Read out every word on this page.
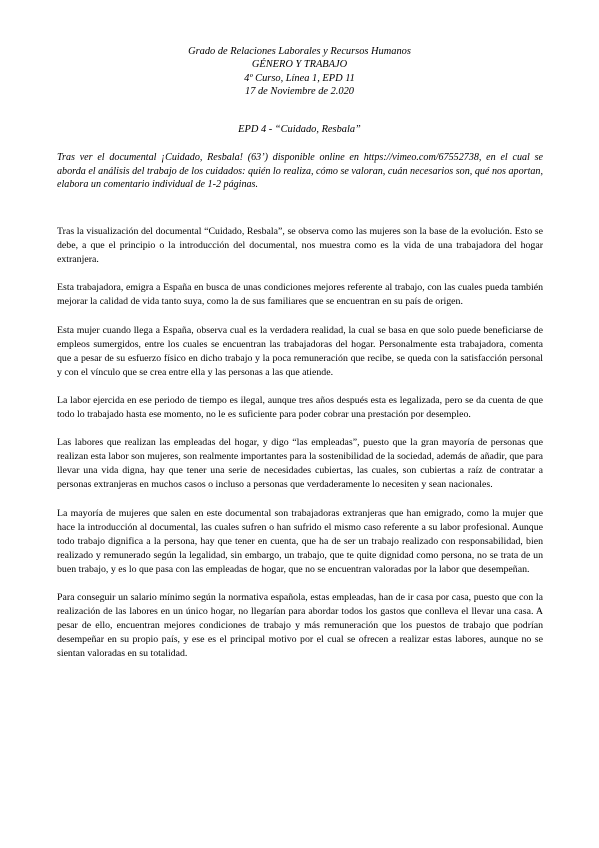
Grado de Relaciones Laborales y Recursos Humanos
GÉNERO Y TRABAJO
4º Curso, Línea 1, EPD 11
17 de Noviembre de 2.020
EPD 4 - “Cuidado, Resbala”
Tras ver el documental ¡Cuidado, Resbala! (63’) disponible online en https://vimeo.com/67552738, en el cual se aborda el análisis del trabajo de los cuidados: quién lo realiza, cómo se valoran, cuán necesarios son, qué nos aportan, elabora un comentario individual de 1-2 páginas.

Tras la visualización del documental “Cuidado, Resbala”, se observa como las mujeres son la base de la evolución. Esto se debe, a que el principio o la introducción del documental, nos muestra como es la vida de una trabajadora del hogar extranjera.

Esta trabajadora, emigra a España en busca de unas condiciones mejores referente al trabajo, con las cuales pueda también mejorar la calidad de vida tanto suya, como la de sus familiares que se encuentran en su país de origen.

Esta mujer cuando llega a España, observa cual es la verdadera realidad, la cual se basa en que solo puede beneficiarse de empleos sumergidos, entre los cuales se encuentran las trabajadoras del hogar. Personalmente esta trabajadora, comenta que a pesar de su esfuerzo físico en dicho trabajo y la poca remuneración que recibe, se queda con la satisfacción personal y con el vínculo que se crea entre ella y las personas a las que atiende.

La labor ejercida en ese periodo de tiempo es ilegal, aunque tres años después esta es legalizada, pero se da cuenta de que todo lo trabajado hasta ese momento, no le es suficiente para poder cobrar una prestación por desempleo.

Las labores que realizan las empleadas del hogar, y digo “las empleadas”, puesto que la gran mayoría de personas que realizan esta labor son mujeres, son realmente importantes para la sostenibilidad de la sociedad, además de añadir, que para llevar una vida digna, hay que tener una serie de necesidades cubiertas, las cuales, son cubiertas a raíz de contratar a personas extranjeras en muchos casos o incluso a personas que verdaderamente lo necesiten y sean nacionales.

La mayoría de mujeres que salen en este documental son trabajadoras extranjeras que han emigrado, como la mujer que hace la introducción al documental, las cuales sufren o han sufrido el mismo caso referente a su labor profesional. Aunque todo trabajo dignifica a la persona, hay que tener en cuenta, que ha de ser un trabajo realizado con responsabilidad, bien realizado y remunerado según la legalidad, sin embargo, un trabajo, que te quite dignidad como persona, no se trata de un buen trabajo, y es lo que pasa con las empleadas de hogar, que no se encuentran valoradas por la labor que desempeñan.

Para conseguir un salario mínimo según la normativa española, estas empleadas, han de ir casa por casa, puesto que con la realización de las labores en un único hogar, no llegarían para abordar todos los gastos que conlleva el llevar una casa. A pesar de ello, encuentran mejores condiciones de trabajo y más remuneración que los puestos de trabajo que podrían desempeñar en su propio país, y ese es el principal motivo por el cual se ofrecen a realizar estas labores, aunque no se sientan valoradas en su totalidad.
